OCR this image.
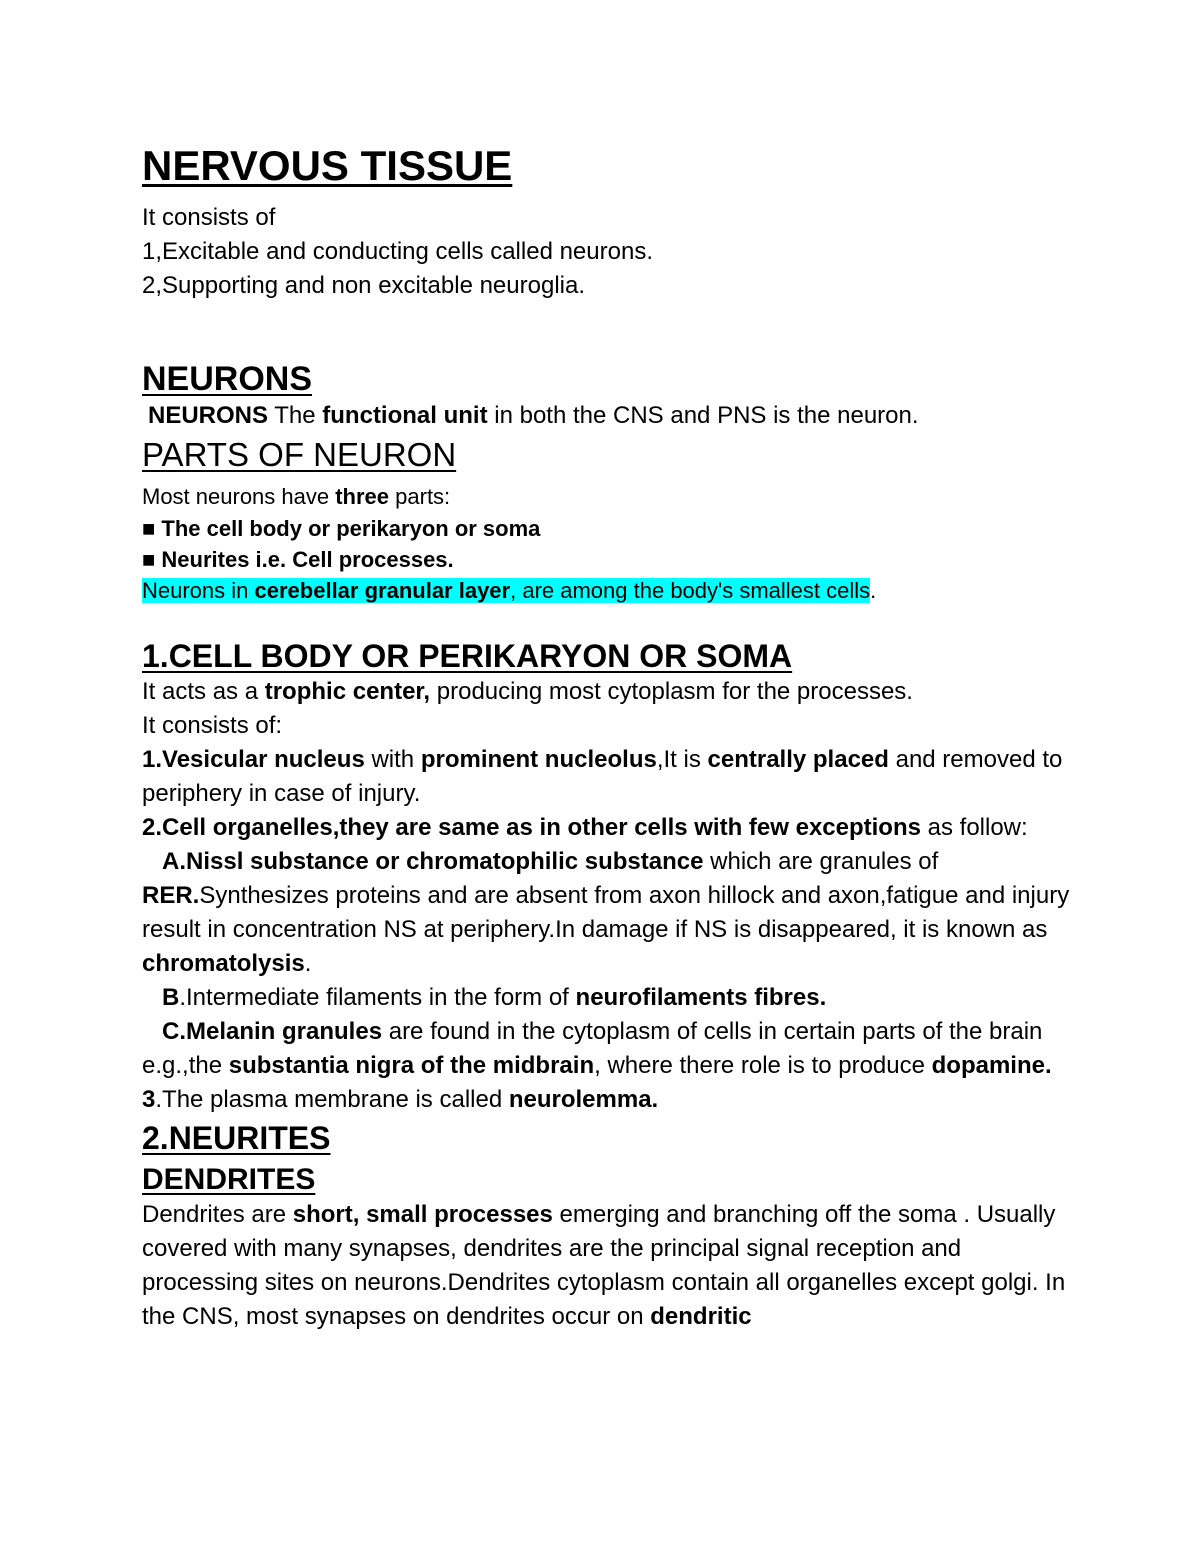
NERVOUS TISSUE

It consists of

1,Excitable and conducting cells called neurons.

2,Supporting and non excitable neuroglia.

NEURONS

NEURONS The functional unit in both the CNS and PNS is the neuron.

PARTS OF NEURON

Most neurons have three parts:

■ The cell body or perikaryon or soma

■ Neurites i.e. Cell processes.

Neurons in cerebellar granular layer, are among the body's smallest cells.

1.CELL BODY OR PERIKARYON OR SOMA

It acts as a trophic center, producing most cytoplasm for the processes.

It consists of:

1.Vesicular nucleus with prominent nucleolus,It is centrally placed and removed to periphery in case of injury.

2.Cell organelles,they are same as in other cells with few exceptions as follow:

A.Nissl substance or chromatophilic substance which are granules of RER.Synthesizes proteins and are absent from axon hillock and axon,fatigue and injury result in concentration NS at periphery.In damage if NS is disappeared, it is known as chromatolysis.

B.Intermediate filaments in the form of neurofilaments fibres.

C.Melanin granules are found in the cytoplasm of cells in certain parts of the brain e.g.,the substantia nigra of the midbrain, where there role is to produce dopamine.

3.The plasma membrane is called neurolemma.

2.NEURITES
DENDRITES

Dendrites are short, small processes emerging and branching off the soma . Usually covered with many synapses, dendrites are the principal signal reception and processing sites on neurons.Dendrites cytoplasm contain all organelles except golgi. In the CNS, most synapses on dendrites occur on dendritic
